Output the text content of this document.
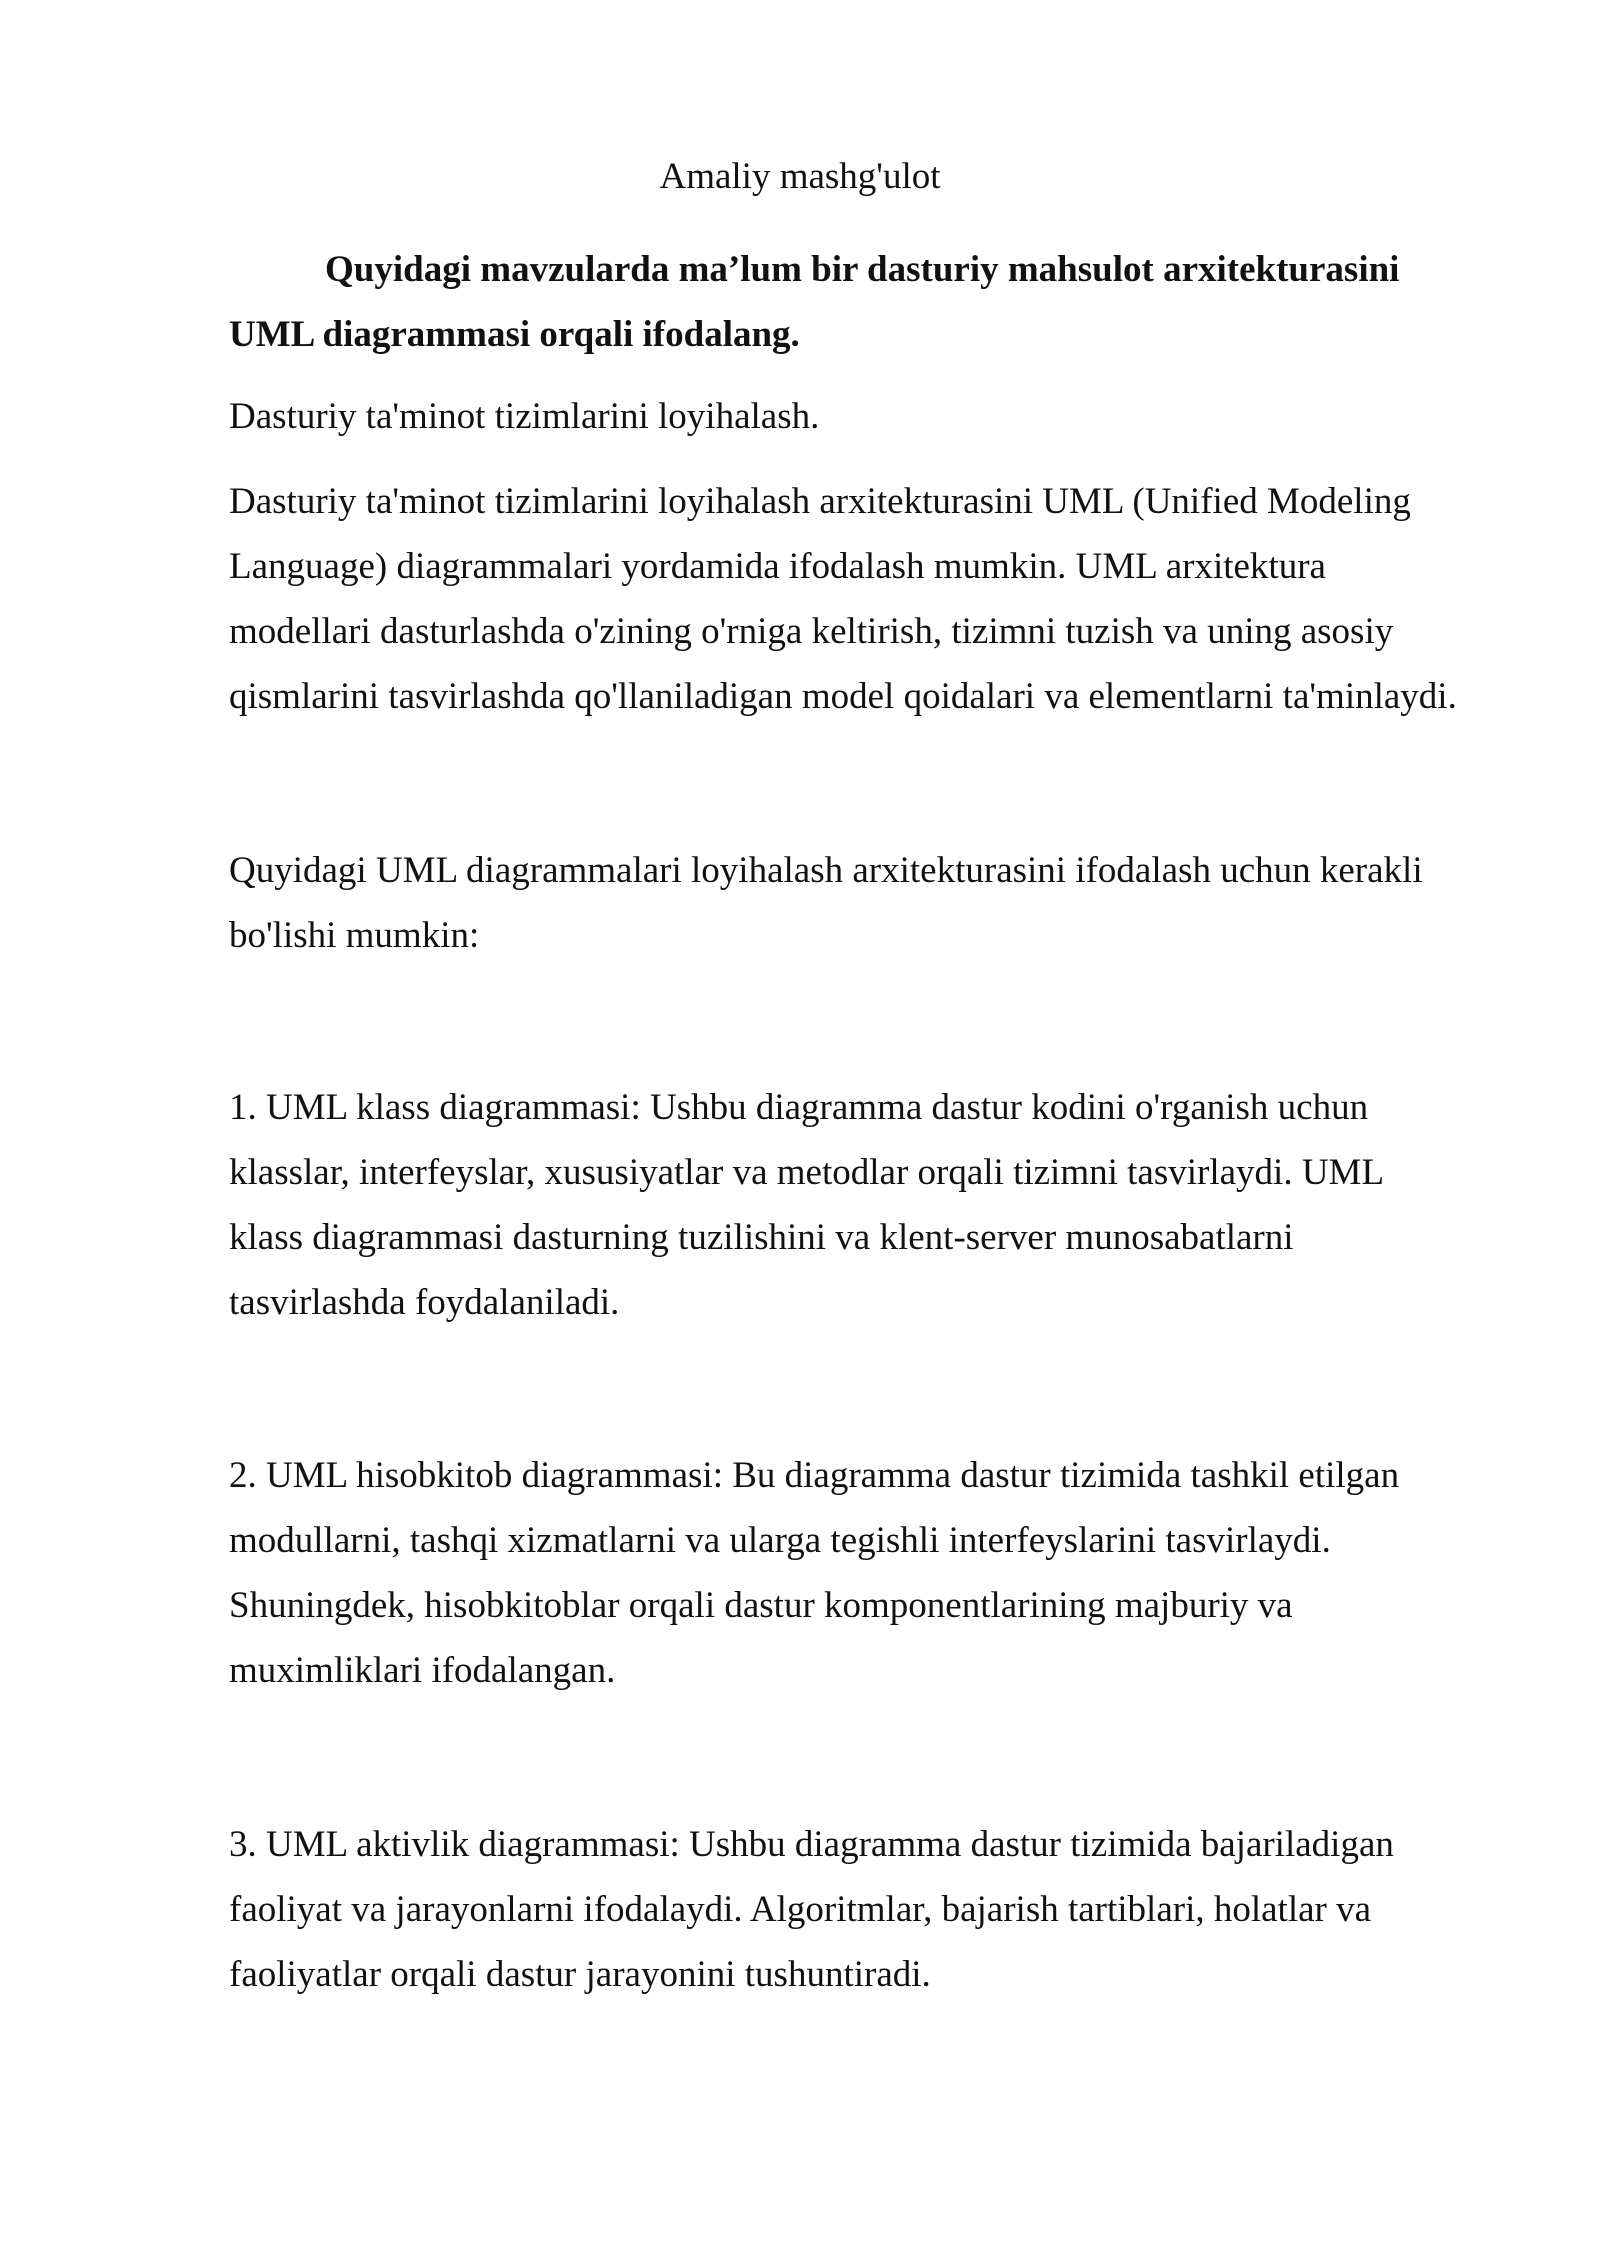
Amaliy mashg'ulot
Quyidagi mavzularda ma’lum bir dasturiy mahsulot arxitekturasini
UML diagrammasi orqali ifodalang.

Dasturiy ta'minot tizimlarini loyihalash.

Dasturiy ta'minot tizimlarini loyihalash arxitekturasini UML (Unified Modeling
Language) diagrammalari yordamida ifodalash mumkin. UML arxitektura
modellari dasturlashda o'zining o'rniga keltirish, tizimni tuzish va uning asosiy
qismlarini tasvirlashda qo'llaniladigan model qoidalari va elementlarni ta'minlaydi.

Quyidagi UML diagrammalari loyihalash arxitekturasini ifodalash uchun kerakli
bo'lishi mumkin:

1. UML klass diagrammasi: Ushbu diagramma dastur kodini o'rganish uchun
klasslar, interfeyslar, xususiyatlar va metodlar orqali tizimni tasvirlaydi. UML
klass diagrammasi dasturning tuzilishini va klent-server munosabatlarni
tasvirlashda foydalaniladi.

2. UML hisobkitob diagrammasi: Bu diagramma dastur tizimida tashkil etilgan
modullarni, tashqi xizmatlarni va ularga tegishli interfeyslarini tasvirlaydi.
Shuningdek, hisobkitoblar orqali dastur komponentlarining majburiy va
muximliklari ifodalangan.

3. UML aktivlik diagrammasi: Ushbu diagramma dastur tizimida bajariladigan
faoliyat va jarayonlarni ifodalaydi. Algoritmlar, bajarish tartiblari, holatlar va
faoliyatlar orqali dastur jarayonini tushuntiradi.
